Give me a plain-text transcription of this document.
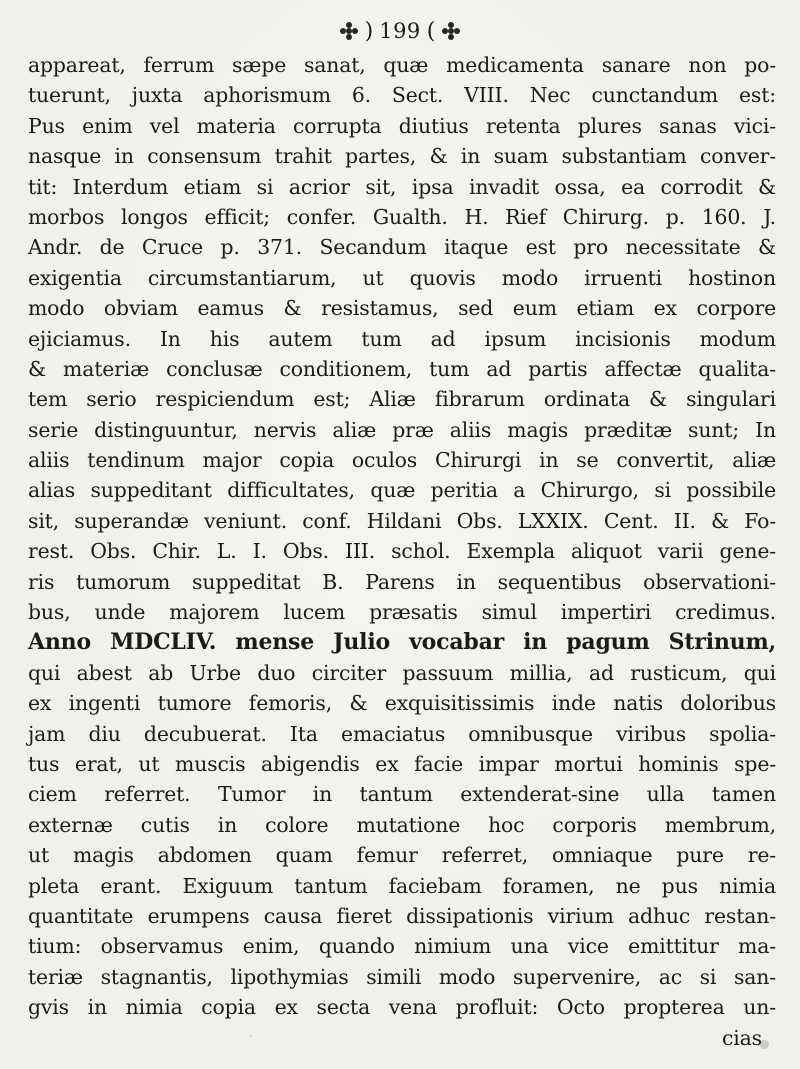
) 199 (
appareat, ferrum sæpe sanat, quæ medicamenta sanare non po-
tuerunt, juxta aphorismum 6. Sect. VIII. Nec cunctandum est:
Pus enim vel materia corrupta diutius retenta plures sanas vici-
nasque in consensum trahit partes, & in suam substantiam conver-
tit: Interdum etiam si acrior sit, ipsa invadit ossa, ea corrodit &
morbos longos efficit; confer. Gualth. H. Rief Chirurg. p. 160. J.
Andr. de Cruce p. 371. Secandum itaque est pro necessitate &
exigentia circumstantiarum, ut quovis modo irruenti hostinon
modo obviam eamus & resistamus, sed eum etiam ex corpore
ejiciamus. In his autem tum ad ipsum incisionis modum
& materiæ conclusæ conditionem, tum ad partis affectæ qualita-
tem serio respiciendum est; Aliæ fibrarum ordinata & singulari
serie distinguuntur, nervis aliæ præ aliis magis præditæ sunt; In
aliis tendinum major copia oculos Chirurgi in se convertit, aliæ
alias suppeditant difficultates, quæ peritia a Chirurgo, si possibile
sit, superandæ veniunt. conf. Hildani Obs. LXXIX. Cent. II. & Fo-
rest. Obs. Chir. L. I. Obs. III. schol. Exempla aliquot varii gene-
ris tumorum suppeditat B. Parens in sequentibus observationi-
bus, unde majorem lucem præsatis simul impertiri credimus.
Anno MDCLIV. mense Julio vocabar in pagum Strinum,
qui abest ab Urbe duo circiter passuum millia, ad rusticum, qui
ex ingenti tumore femoris, & exquisitissimis inde natis doloribus
jam diu decubuerat. Ita emaciatus omnibusque viribus spolia-
tus erat, ut muscis abigendis ex facie impar mortui hominis spe-
ciem referret. Tumor in tantum extenderat-sine ulla tamen
externæ cutis in colore mutatione hoc corporis membrum,
ut magis abdomen quam femur referret, omniaque pure re-
pleta erant. Exiguum tantum faciebam foramen, ne pus nimia
quantitate erumpens causa fieret dissipationis virium adhuc restan-
tium: observamus enim, quando nimium una vice emittitur ma-
teriæ stagnantis, lipothymias simili modo supervenire, ac si san-
gvis in nimia copia ex secta vena profluit: Octo propterea un-
cias
